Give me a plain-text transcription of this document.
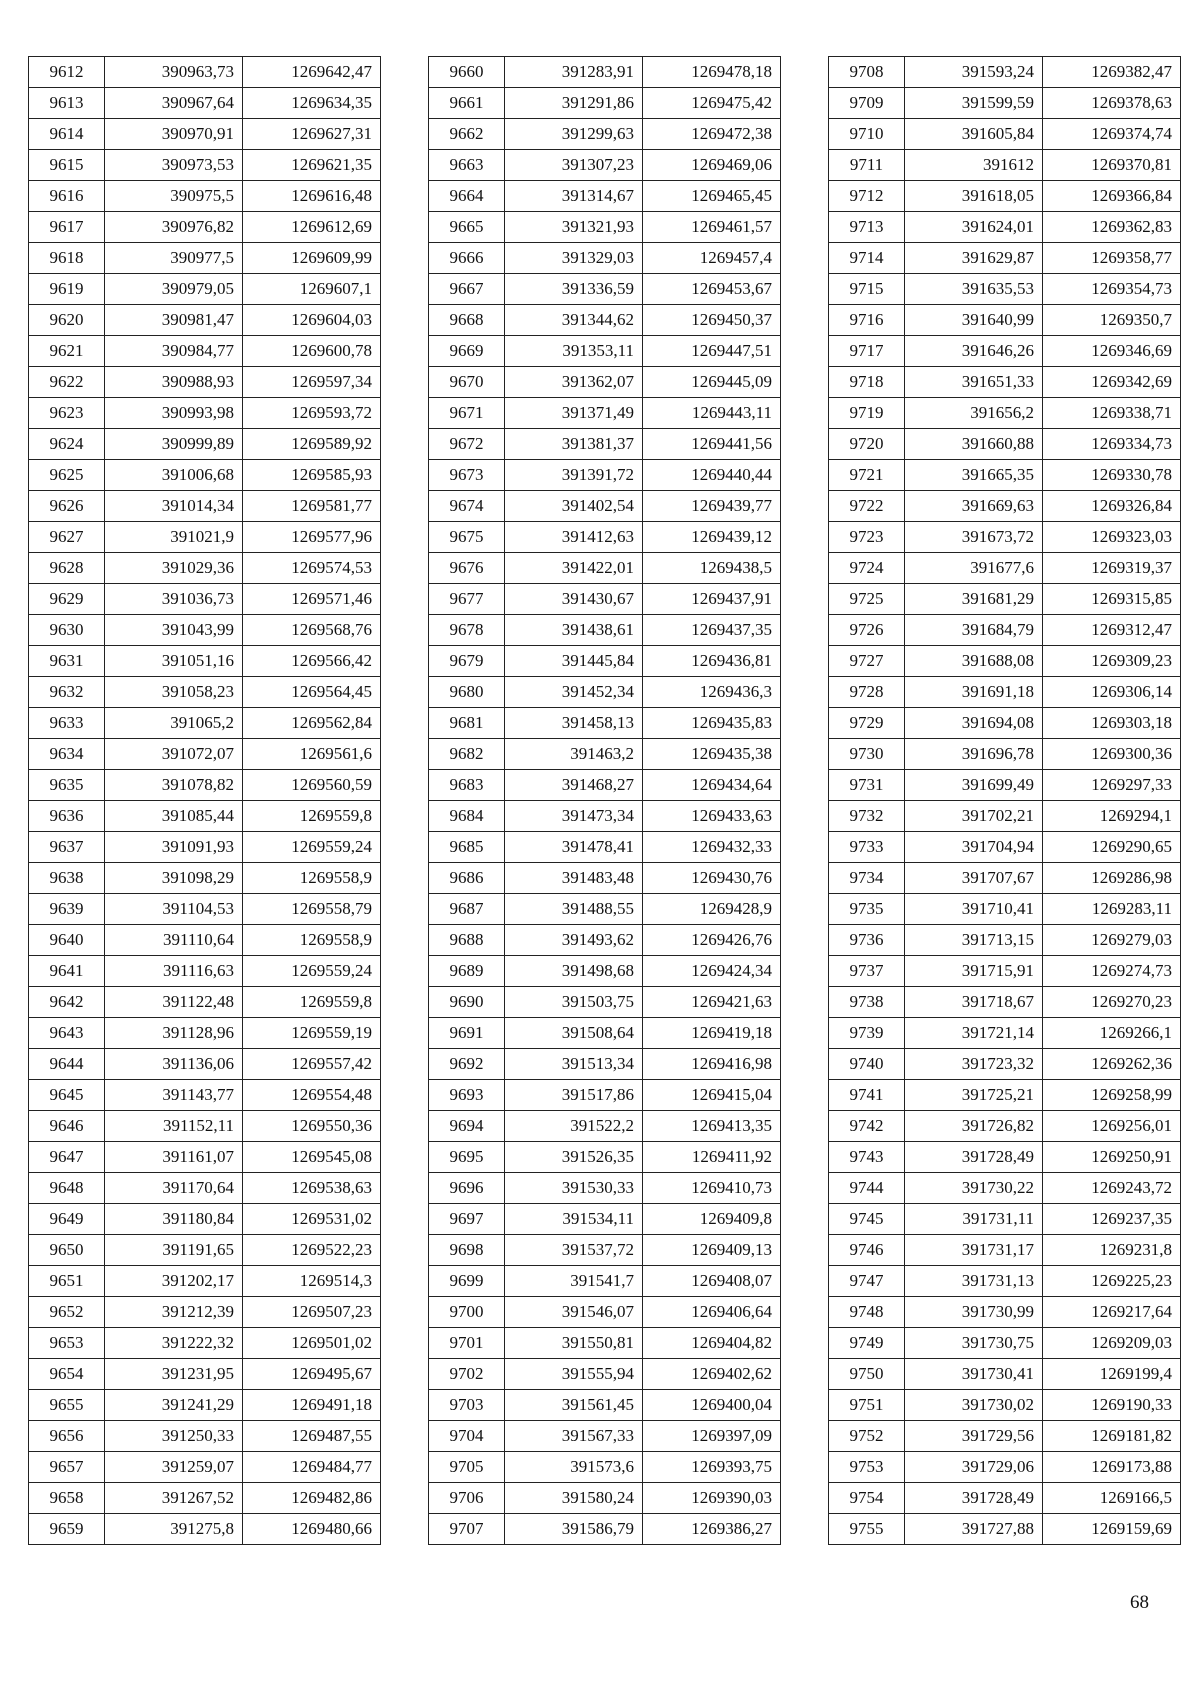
9612	390963,73	1269642,47
9613	390967,64	1269634,35
9614	390970,91	1269627,31
9615	390973,53	1269621,35
9616	390975,5	1269616,48
9617	390976,82	1269612,69
9618	390977,5	1269609,99
9619	390979,05	1269607,1
9620	390981,47	1269604,03
9621	390984,77	1269600,78
9622	390988,93	1269597,34
9623	390993,98	1269593,72
9624	390999,89	1269589,92
9625	391006,68	1269585,93
9626	391014,34	1269581,77
9627	391021,9	1269577,96
9628	391029,36	1269574,53
9629	391036,73	1269571,46
9630	391043,99	1269568,76
9631	391051,16	1269566,42
9632	391058,23	1269564,45
9633	391065,2	1269562,84
9634	391072,07	1269561,6
9635	391078,82	1269560,59
9636	391085,44	1269559,8
9637	391091,93	1269559,24
9638	391098,29	1269558,9
9639	391104,53	1269558,79
9640	391110,64	1269558,9
9641	391116,63	1269559,24
9642	391122,48	1269559,8
9643	391128,96	1269559,19
9644	391136,06	1269557,42
9645	391143,77	1269554,48
9646	391152,11	1269550,36
9647	391161,07	1269545,08
9648	391170,64	1269538,63
9649	391180,84	1269531,02
9650	391191,65	1269522,23
9651	391202,17	1269514,3
9652	391212,39	1269507,23
9653	391222,32	1269501,02
9654	391231,95	1269495,67
9655	391241,29	1269491,18
9656	391250,33	1269487,55
9657	391259,07	1269484,77
9658	391267,52	1269482,86
9659	391275,8	1269480,66
9660	391283,91	1269478,18
9661	391291,86	1269475,42
9662	391299,63	1269472,38
9663	391307,23	1269469,06
9664	391314,67	1269465,45
9665	391321,93	1269461,57
9666	391329,03	1269457,4
9667	391336,59	1269453,67
9668	391344,62	1269450,37
9669	391353,11	1269447,51
9670	391362,07	1269445,09
9671	391371,49	1269443,11
9672	391381,37	1269441,56
9673	391391,72	1269440,44
9674	391402,54	1269439,77
9675	391412,63	1269439,12
9676	391422,01	1269438,5
9677	391430,67	1269437,91
9678	391438,61	1269437,35
9679	391445,84	1269436,81
9680	391452,34	1269436,3
9681	391458,13	1269435,83
9682	391463,2	1269435,38
9683	391468,27	1269434,64
9684	391473,34	1269433,63
9685	391478,41	1269432,33
9686	391483,48	1269430,76
9687	391488,55	1269428,9
9688	391493,62	1269426,76
9689	391498,68	1269424,34
9690	391503,75	1269421,63
9691	391508,64	1269419,18
9692	391513,34	1269416,98
9693	391517,86	1269415,04
9694	391522,2	1269413,35
9695	391526,35	1269411,92
9696	391530,33	1269410,73
9697	391534,11	1269409,8
9698	391537,72	1269409,13
9699	391541,7	1269408,07
9700	391546,07	1269406,64
9701	391550,81	1269404,82
9702	391555,94	1269402,62
9703	391561,45	1269400,04
9704	391567,33	1269397,09
9705	391573,6	1269393,75
9706	391580,24	1269390,03
9707	391586,79	1269386,27
9708	391593,24	1269382,47
9709	391599,59	1269378,63
9710	391605,84	1269374,74
9711	391612	1269370,81
9712	391618,05	1269366,84
9713	391624,01	1269362,83
9714	391629,87	1269358,77
9715	391635,53	1269354,73
9716	391640,99	1269350,7
9717	391646,26	1269346,69
9718	391651,33	1269342,69
9719	391656,2	1269338,71
9720	391660,88	1269334,73
9721	391665,35	1269330,78
9722	391669,63	1269326,84
9723	391673,72	1269323,03
9724	391677,6	1269319,37
9725	391681,29	1269315,85
9726	391684,79	1269312,47
9727	391688,08	1269309,23
9728	391691,18	1269306,14
9729	391694,08	1269303,18
9730	391696,78	1269300,36
9731	391699,49	1269297,33
9732	391702,21	1269294,1
9733	391704,94	1269290,65
9734	391707,67	1269286,98
9735	391710,41	1269283,11
9736	391713,15	1269279,03
9737	391715,91	1269274,73
9738	391718,67	1269270,23
9739	391721,14	1269266,1
9740	391723,32	1269262,36
9741	391725,21	1269258,99
9742	391726,82	1269256,01
9743	391728,49	1269250,91
9744	391730,22	1269243,72
9745	391731,11	1269237,35
9746	391731,17	1269231,8
9747	391731,13	1269225,23
9748	391730,99	1269217,64
9749	391730,75	1269209,03
9750	391730,41	1269199,4
9751	391730,02	1269190,33
9752	391729,56	1269181,82
9753	391729,06	1269173,88
9754	391728,49	1269166,5
9755	391727,88	1269159,69
68
